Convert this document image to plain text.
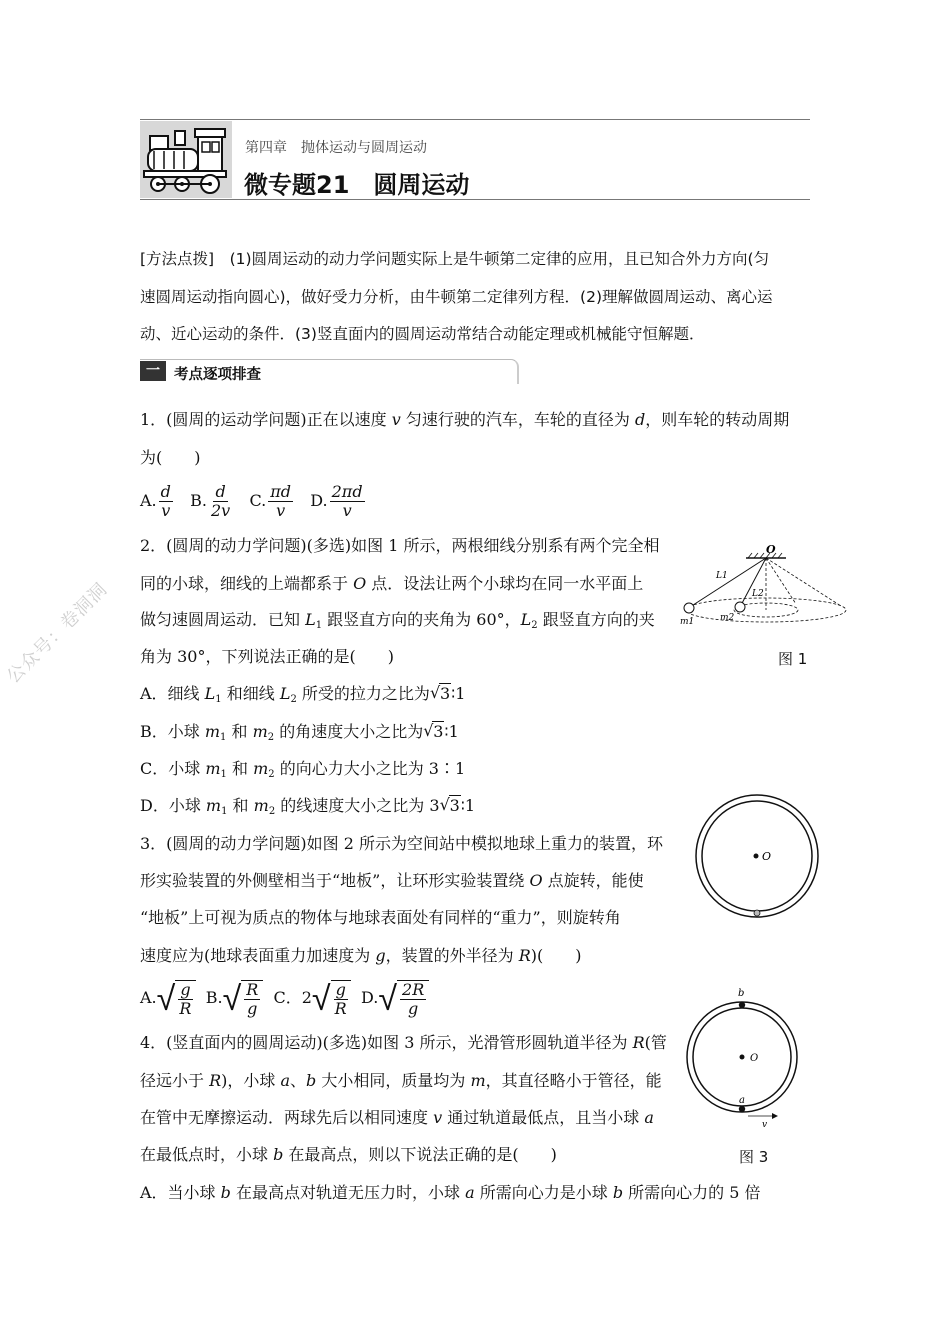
第四章　抛体运动与圆周运动
微专题21　圆周运动
公众号：卷洞洞
[方法点拨]　(1)圆周运动的动力学问题实际上是牛顿第二定律的应用，且已知合外力方向(匀
速圆周运动指向圆心)，做好受力分析，由牛顿第二定律列方程．(2)理解做圆周运动、离心运
动、近心运动的条件．(3)竖直面内的圆周运动常结合动能定理或机械能守恒解题．
一 考点逐项排查
1．(圆周的运动学问题)正在以速度 v 匀速行驶的汽车，车轮的直径为 d，则车轮的转动周期
为(　　)
A. $\frac{d}{v} B$. $\frac{d}{2v} C$. $\frac{\pi d}{v} D$. $\frac{2\pi d}{v}$
2．(圆周的动力学问题)(多选)如图 1 所示，两根细线分别系有两个完全相
同的小球，细线的上端都系于 O 点．设法让两个小球均在同一水平面上
做匀速圆周运动．已知 $L_1$ 跟竖直方向的夹角为 60°，$L_2$ 跟竖直方向的夹
角为 30°，下列说法正确的是(　　)
A．细线 $L_1$ 和细线 $L_2$ 所受的拉力之比为 √ 3∶1
B．小球 $m_1$ 和 $m_2$ 的角速度大小之比为 √ 3∶1
C．小球 $m_1$ 和 $m_2$ 的向心力大小之比为 3∶1
D．小球 $m_1$ 和 $m_2$ 的线速度大小之比为 3 √ 3∶1
O
L1
L2
m1	m2
图 1
3．(圆周的动力学问题)如图 2 所示为空间站中模拟地球上重力的装置，环
形实验装置的外侧壁相当于“地板”，让环形实验装置绕 O 点旋转，能使
“地板”上可视为质点的物体与地球表面处有同样的“重力”，则旋转角
速度应为(地球表面重力加速度为 g，装置的外半径为 R)(　　)
A. √ g
R
B. √ R
g
C．2 √ g
R
D. √ 2R
g
O
4．(竖直面内的圆周运动)(多选)如图 3 所示，光滑管形圆轨道半径为 R(管
径远小于 R)，小球 a、b 大小相同，质量均为 m，其直径略小于管径，能
在管中无摩擦运动．两球先后以相同速度 v 通过轨道最低点，且当小球 a
在最低点时，小球 b 在最高点，则以下说法正确的是(　　)
A．当小球 b 在最高点对轨道无压力时，小球 a 所需向心力是小球 b 所需向心力的 5 倍
b
O
a
v
图 3
